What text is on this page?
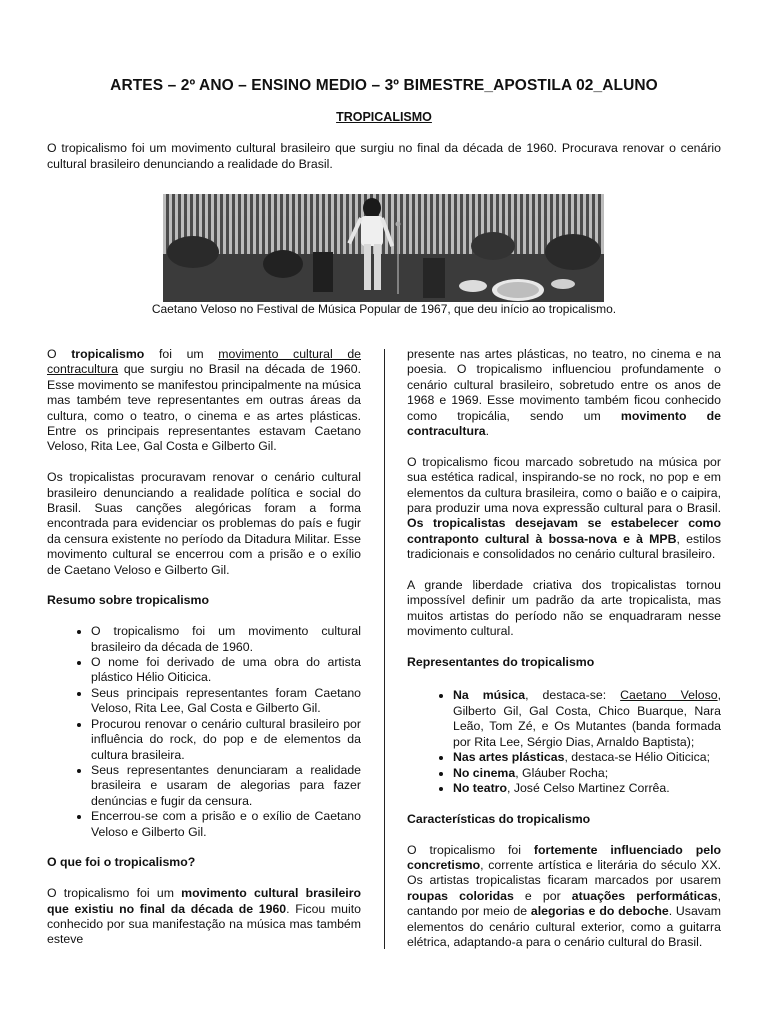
ARTES – 2º ANO – ENSINO MEDIO – 3º BIMESTRE_APOSTILA 02_ALUNO
TROPICALISMO
O tropicalismo foi um movimento cultural brasileiro que surgiu no final da década de 1960. Procurava renovar o cenário cultural brasileiro denunciando a realidade do Brasil.
Caetano Veloso no Festival de Música Popular de 1967, que deu início ao tropicalismo.

O tropicalismo foi um movimento cultural de contracultura que surgiu no Brasil na década de 1960. Esse movimento se manifestou principalmente na música mas também teve representantes em outras áreas da cultura, como o teatro, o cinema e as artes plásticas. Entre os principais representantes estavam Caetano Veloso, Rita Lee, Gal Costa e Gilberto Gil.

Os tropicalistas procuravam renovar o cenário cultural brasileiro denunciando a realidade política e social do Brasil. Suas canções alegóricas foram a forma encontrada para evidenciar os problemas do país e fugir da censura existente no período da Ditadura Militar. Esse movimento cultural se encerrou com a prisão e o exílio de Caetano Veloso e Gilberto Gil.

Resumo sobre tropicalismo
• O tropicalismo foi um movimento cultural brasileiro da década de 1960.
• O nome foi derivado de uma obra do artista plástico Hélio Oiticica.
• Seus principais representantes foram Caetano Veloso, Rita Lee, Gal Costa e Gilberto Gil.
• Procurou renovar o cenário cultural brasileiro por influência do rock, do pop e de elementos da cultura brasileira.
• Seus representantes denunciaram a realidade brasileira e usaram de alegorias para fazer denúncias e fugir da censura.
• Encerrou-se com a prisão e o exílio de Caetano Veloso e Gilberto Gil.
O que foi o tropicalismo?

O tropicalismo foi um movimento cultural brasileiro que existiu no final da década de 1960. Ficou muito conhecido por sua manifestação na música mas também esteve

presente nas artes plásticas, no teatro, no cinema e na poesia. O tropicalismo influenciou profundamente o cenário cultural brasileiro, sobretudo entre os anos de 1968 e 1969. Esse movimento também ficou conhecido como tropicália, sendo um movimento de contracultura.

O tropicalismo ficou marcado sobretudo na música por sua estética radical, inspirando-se no rock, no pop e em elementos da cultura brasileira, como o baião e o caipira, para produzir uma nova expressão cultural para o Brasil. Os tropicalistas desejavam se estabelecer como contraponto cultural à bossa-nova e à MPB, estilos tradicionais e consolidados no cenário cultural brasileiro.

A grande liberdade criativa dos tropicalistas tornou impossível definir um padrão da arte tropicalista, mas muitos artistas do período não se enquadraram nesse movimento cultural.

Representantes do tropicalismo
• Na música, destaca-se: Caetano Veloso, Gilberto Gil, Gal Costa, Chico Buarque, Nara Leão, Tom Zé, e Os Mutantes (banda formada por Rita Lee, Sérgio Dias, Arnaldo Baptista);
• Nas artes plásticas, destaca-se Hélio Oiticica;
• No cinema, Gláuber Rocha;
• No teatro, José Celso Martinez Corrêa.
Características do tropicalismo

O tropicalismo foi fortemente influenciado pelo concretismo, corrente artística e literária do século XX. Os artistas tropicalistas ficaram marcados por usarem roupas coloridas e por atuações performáticas, cantando por meio de alegorias e do deboche. Usavam elementos do cenário cultural exterior, como a guitarra elétrica, adaptando-a para o cenário cultural do Brasil.
